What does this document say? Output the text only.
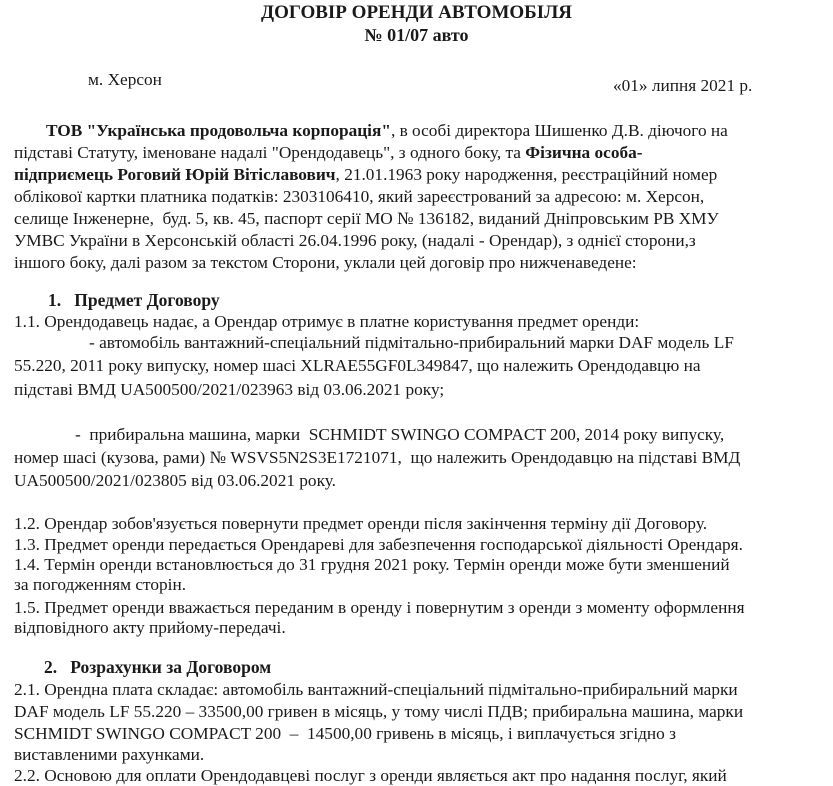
ДОГОВІР ОРЕНДИ АВТОМОБІЛЯ
№ 01/07 авто
м. Херсон	«01» липня 2021 р.
ТОВ "Українська продовольча корпорація", в особі директора Шишенко Д.В. діючого на
підставі Статуту, іменоване надалі "Орендодавець", з одного боку, та Фізична особа-
підприємець Роговий Юрій Вітіславович, 21.01.1963 року народження, реєстраційний номер
облікової картки платника податків: 2303106410, який зареєстрований за адресою: м. Херсон,
селище Інженерне,  буд. 5, кв. 45, паспорт серії МО № 136182, виданий Дніпровським РВ ХМУ
УМВС України в Херсонській області 26.04.1996 року, (надалі - Орендар), з однієї сторони,з
іншого боку, далі разом за текстом Сторони, уклали цей договір про нижченаведене:
1.   Предмет Договору
1.1. Орендодавець надає, а Орендар отримує в платне користування предмет оренди:
- автомобіль вантажний-спеціальний підмітально-прибиральний марки DAF модель LF
55.220, 2011 року випуску, номер шасі XLRAE55GF0L349847, що належить Орендодавцю на
підставі ВМД UA500500/2021/023963 від 03.06.2021 року;
-  прибиральна машина, марки  SCHMIDT SWINGO COMPACT 200, 2014 року випуску,
номер шасі (кузова, рами) № WSVS5N2S3E1721071,  що належить Орендодавцю на підставі ВМД
UA500500/2021/023805 від 03.06.2021 року.
1.2. Орендар зобов'язується повернути предмет оренди після закінчення терміну дії Договору.
1.3. Предмет оренди передається Орендареві для забезпечення господарської діяльності Орендаря.
1.4. Термін оренди встановлюється до 31 грудня 2021 року. Термін оренди може бути зменшений
за погодженням сторін.
1.5. Предмет оренди вважається переданим в оренду і повернутим з оренди з моменту оформлення
відповідного акту прийому-передачі.
2.   Розрахунки за Договором
2.1. Орендна плата складає: автомобіль вантажний-спеціальний підмітально-прибиральний марки
DAF модель LF 55.220 – 33500,00 гривен в місяць, у тому числі ПДВ; прибиральна машина, марки
SCHMIDT SWINGO COMPACT 200  –  14500,00 гривень в місяць, і виплачується згідно з
виставленими рахунками.
2.2. Основою для оплати Орендодавцеві послуг з оренди являється акт про надання послуг, який
